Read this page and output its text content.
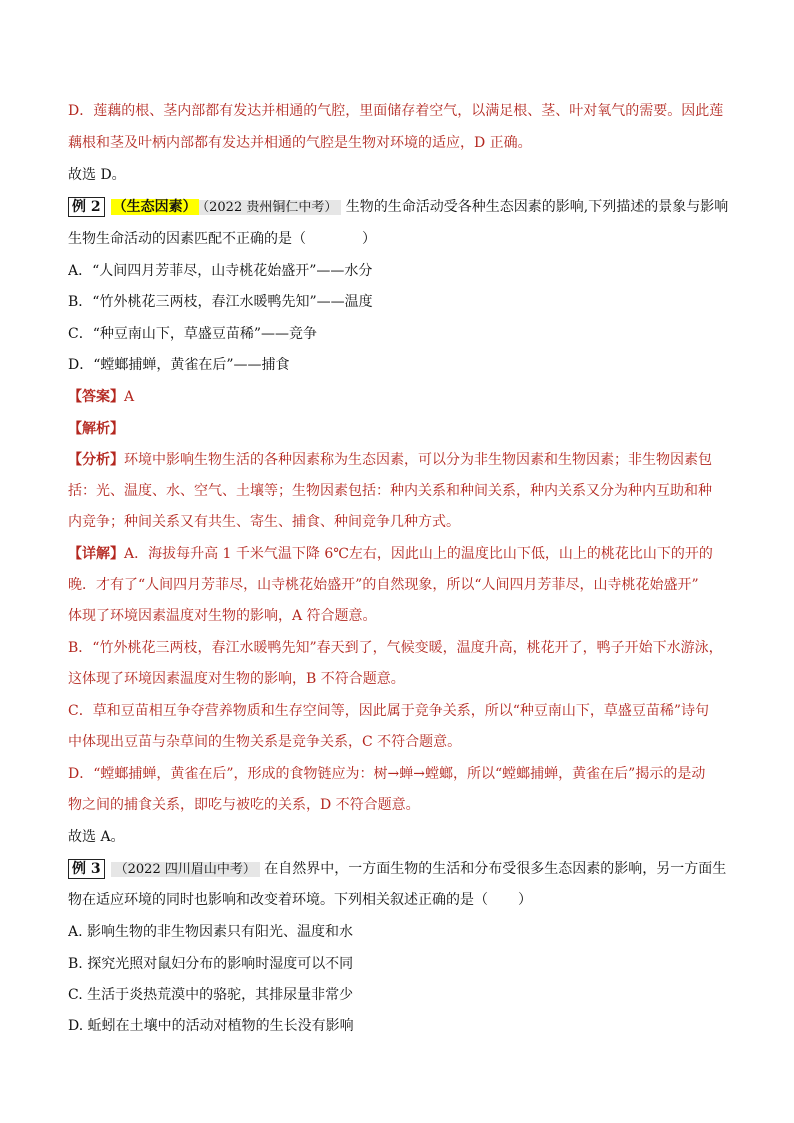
D．莲藕的根、茎内部都有发达并相通的气腔，里面储存着空气，以满足根、茎、叶对氧气的需要。因此莲
藕根和茎及叶柄内部都有发达并相通的气腔是生物对环境的适应，D 正确。
故选 D。
例 2 （生态因素） （2022 贵州铜仁中考） 生物的生命活动受各种生态因素的影响,下列描述的景象与影响
生物生命活动的因素匹配不正确的是（	）
A．“人间四月芳菲尽，山寺桃花始盛开”——水分
B．“竹外桃花三两枝，春江水暖鸭先知”——温度
C．“种豆南山下，草盛豆苗稀”——竞争
D．“螳螂捕蝉，黄雀在后”——捕食
【答案】A
【解析】
【分析】环境中影响生物生活的各种因素称为生态因素，可以分为非生物因素和生物因素；非生物因素包
括：光、温度、水、空气、土壤等；生物因素包括：种内关系和种间关系，种内关系又分为种内互助和种
内竞争；种间关系又有共生、寄生、捕食、种间竞争几种方式。
【详解】A．海拔每升高 1 千米气温下降 6℃左右，因此山上的温度比山下低，山上的桃花比山下的开的
晚．才有了“人间四月芳菲尽，山寺桃花始盛开”的自然现象，所以“人间四月芳菲尽，山寺桃花始盛开”
体现了环境因素温度对生物的影响，A 符合题意。
B．“竹外桃花三两枝，春江水暖鸭先知”春天到了，气候变暖，温度升高，桃花开了，鸭子开始下水游泳，
这体现了环境因素温度对生物的影响，B 不符合题意。
C．草和豆苗相互争夺营养物质和生存空间等，因此属于竞争关系，所以“种豆南山下，草盛豆苗稀”诗句
中体现出豆苗与杂草间的生物关系是竞争关系，C 不符合题意。
D．“螳螂捕蝉，黄雀在后”，形成的食物链应为：树→蝉→螳螂，所以“螳螂捕蝉，黄雀在后”揭示的是动
物之间的捕食关系，即吃与被吃的关系，D 不符合题意。
故选 A。
例 3 （2022 四川眉山中考） 在自然界中，一方面生物的生活和分布受很多生态因素的影响，另一方面生
物在适应环境的同时也影响和改变着环境。下列相关叙述正确的是（ ）
A. 影响生物的非生物因素只有阳光、温度和水
B. 探究光照对鼠妇分布的影响时湿度可以不同
C. 生活于炎热荒漠中的骆驼，其排尿量非常少
D. 蚯蚓在土壤中的活动对植物的生长没有影响
